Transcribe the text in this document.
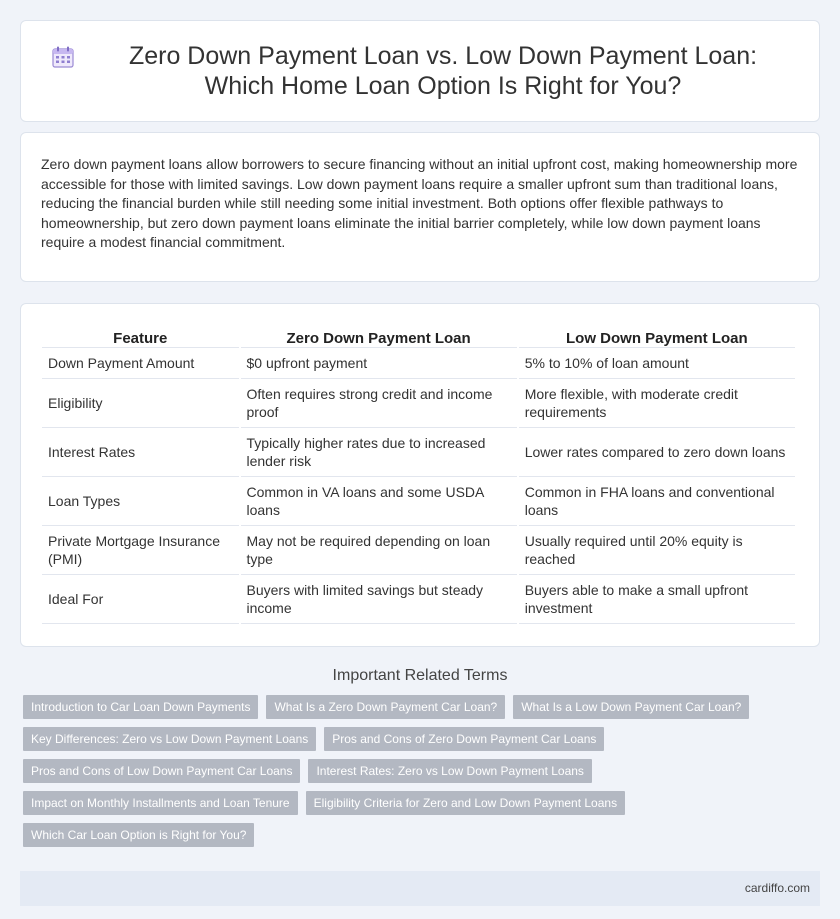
Zero Down Payment Loan vs. Low Down Payment Loan: Which Home Loan Option Is Right for You?

Zero down payment loans allow borrowers to secure financing without an initial upfront cost, making homeownership more accessible for those with limited savings. Low down payment loans require a smaller upfront sum than traditional loans, reducing the financial burden while still needing some initial investment. Both options offer flexible pathways to homeownership, but zero down payment loans eliminate the initial barrier completely, while low down payment loans require a modest financial commitment.

Feature	Zero Down Payment Loan	Low Down Payment Loan
Down Payment Amount	$0 upfront payment	5% to 10% of loan amount
Eligibility	Often requires strong credit and income proof	More flexible, with moderate credit requirements
Interest Rates	Typically higher rates due to increased lender risk	Lower rates compared to zero down loans
Loan Types	Common in VA loans and some USDA loans	Common in FHA loans and conventional loans
Private Mortgage Insurance (PMI)	May not be required depending on loan type	Usually required until 20% equity is reached
Ideal For	Buyers with limited savings but steady income	Buyers able to make a small upfront investment
Important Related Terms
Introduction to Car Loan Down Payments	What Is a Zero Down Payment Car Loan?	What Is a Low Down Payment Car Loan?
Key Differences: Zero vs Low Down Payment Loans	Pros and Cons of Zero Down Payment Car Loans
Pros and Cons of Low Down Payment Car Loans	Interest Rates: Zero vs Low Down Payment Loans
Impact on Monthly Installments and Loan Tenure	Eligibility Criteria for Zero and Low Down Payment Loans
Which Car Loan Option is Right for You?
cardiffo.com
